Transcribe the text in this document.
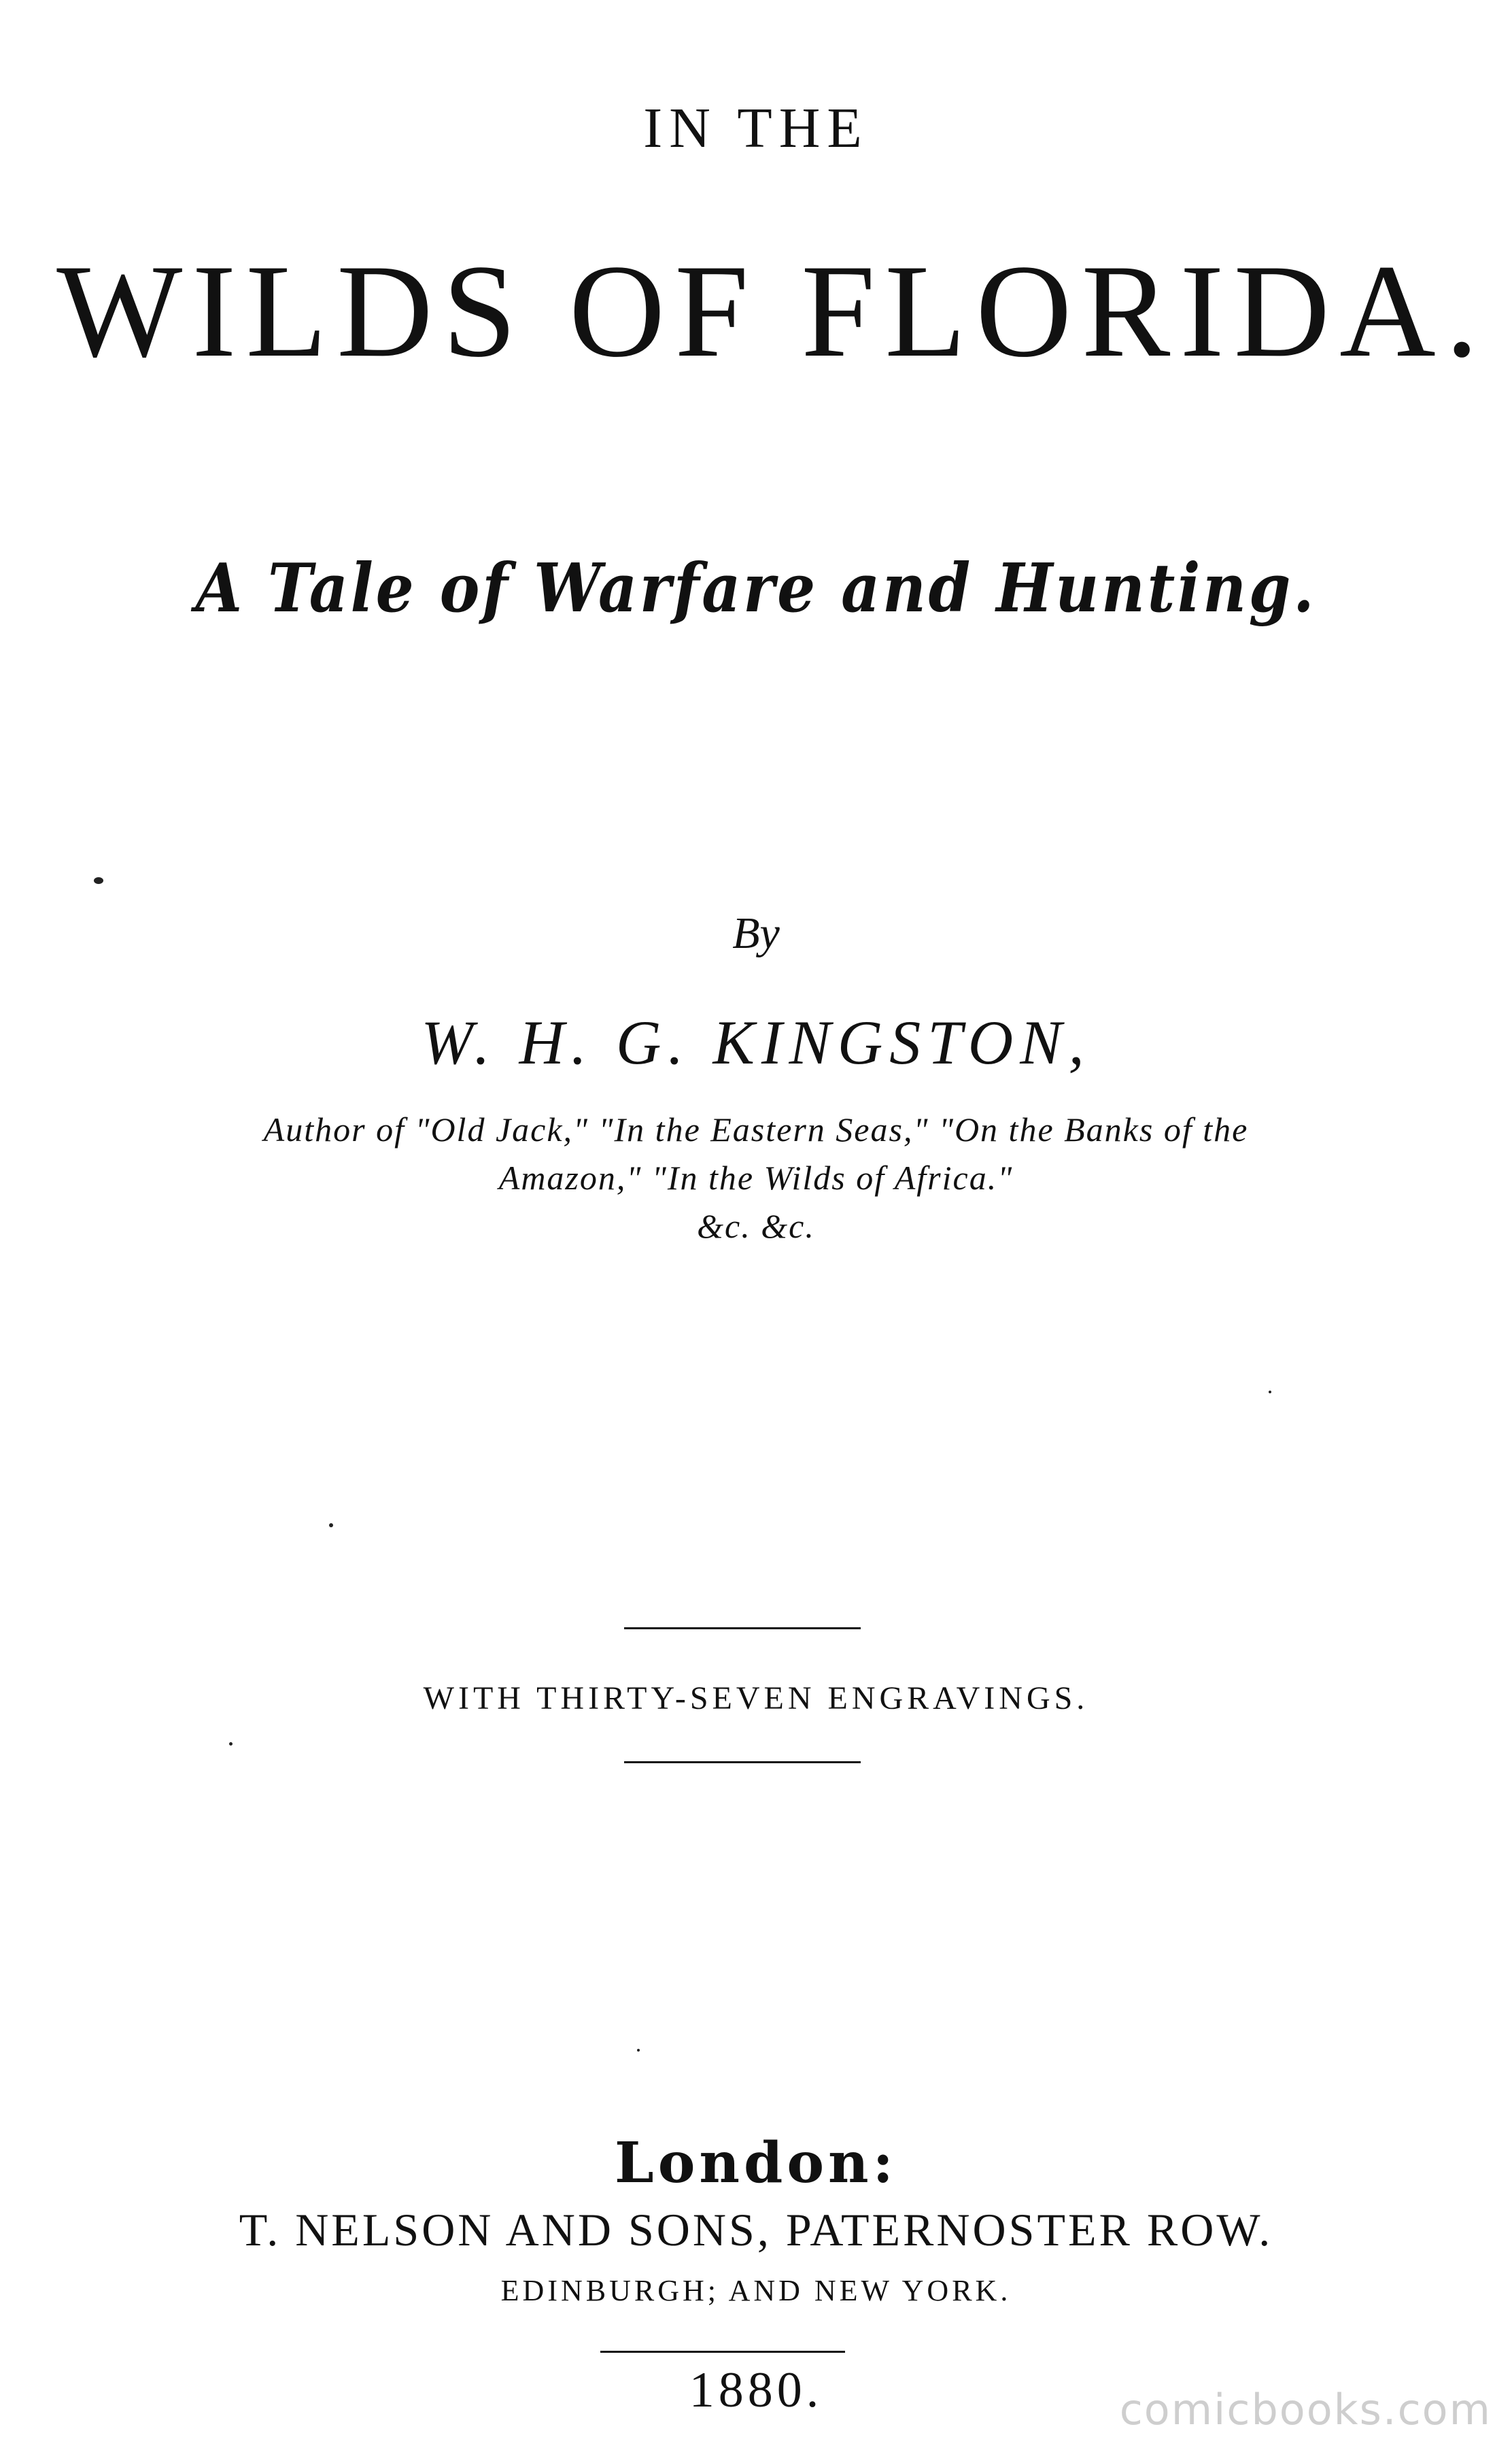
IN THE
WILDS OF FLORIDA.
A Tale of Warfare and Hunting.
By
W. H. G. KINGSTON,
Author of "Old Jack," "In the Eastern Seas," "On the Banks of the
Amazon," "In the Wilds of Africa."
&c. &c.
WITH THIRTY-SEVEN ENGRAVINGS.
London:
T. NELSON AND SONS, PATERNOSTER ROW.
EDINBURGH; AND NEW YORK.
1880.	comicbooks.com
